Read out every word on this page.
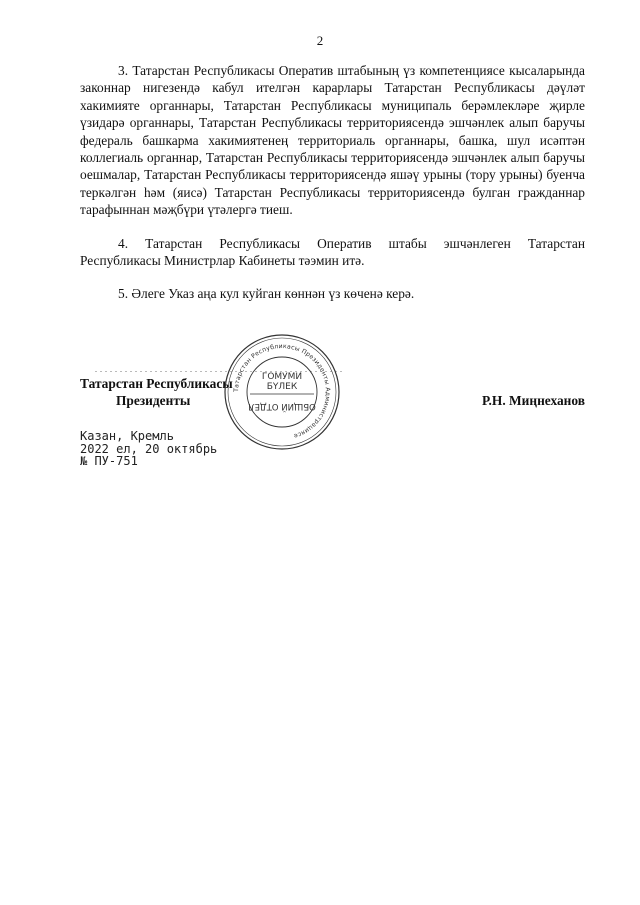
2

3. Татарстан Республикасы Оператив штабының үз компетенциясе кысаларында законнар нигезендә кабул ителгән карарлары Татарстан Республикасы дәүләт хакимияте органнары, Татарстан Республикасы муниципаль берәмлекләре җирле үзидарә органнары, Татарстан Республикасы территориясендә эшчәнлек алып баручы федераль башкарма хакимиятенең территориаль органнары, башка, шул исәптән коллегиаль органнар, Татарстан Республикасы территориясендә эшчәнлек алып баручы оешмалар, Татарстан Республикасы территориясендә яшәү урыны (тору урыны) буенча теркәлгән һәм (яисә) Татарстан Республикасы территориясендә булган гражданнар тарафыннан мәҗбүри үтәлергә тиеш.

4. Татарстан Республикасы Оператив штабы эшчәнлеген Татарстан Республикасы Министрлар Кабинеты тәэмин итә.

5. Әлеге Указ аңа кул куйган көннән үз көченә керә.

Татарстан Республикасы
Президенты
Татарстан Республикасы Президенты Администрациясе
ГОМУМИ
БҮЛЕК
ОБЩИЙ ОТДЕЛ	Р.Н. Миңнеханов
Казан, Кремль
2022 ел, 20 октябрь
№ ПУ-751
